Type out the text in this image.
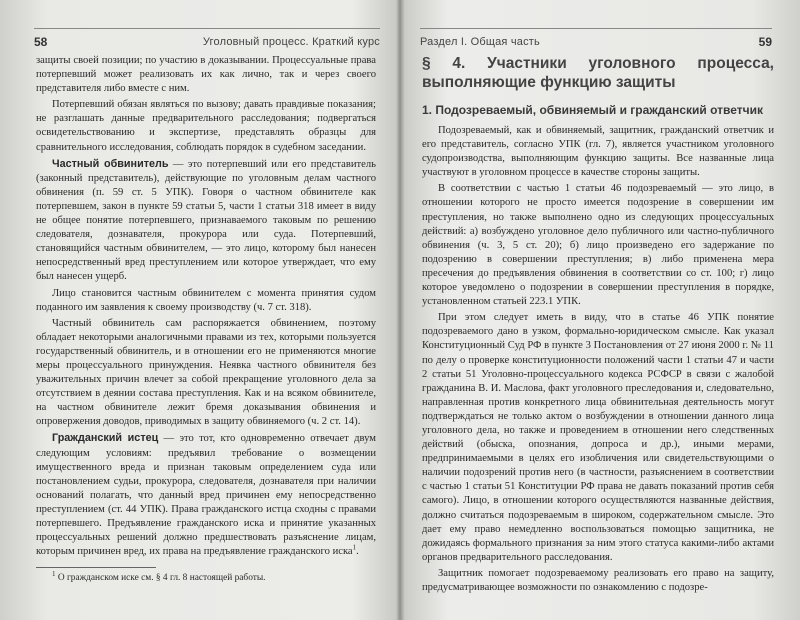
58	Уголовный процесс. Краткий курс

защиты своей позиции; по участию в доказывании. Процессуальные права потерпевший может реализовать их как лично, так и через своего представителя либо вместе с ним.

Потерпевший обязан являться по вызову; давать правдивые показания; не разглашать данные предварительного расследования; подвергаться освидетельствованию и экспертизе, представлять образцы для сравнительного исследования, соблюдать порядок в судебном заседании.

Частный обвинитель — это потерпевший или его представитель (законный представитель), действующие по уголовным делам частного обвинения (п. 59 ст. 5 УПК). Говоря о частном обвинителе как потерпевшем, закон в пункте 59 статьи 5, части 1 статьи 318 имеет в виду не общее понятие потерпевшего, признаваемого таковым по решению следователя, дознавателя, прокурора или суда. Потерпевший, становящийся частным обвинителем, — это лицо, которому был нанесен непосредственный вред преступлением или которое утверждает, что ему был нанесен ущерб.

Лицо становится частным обвинителем с момента принятия судом поданного им заявления к своему производству (ч. 7 ст. 318).

Частный обвинитель сам распоряжается обвинением, поэтому обладает некоторыми аналогичными правами из тех, которыми пользуется государственный обвинитель, и в отношении его не применяются многие меры процессуального принуждения. Неявка частного обвинителя без уважительных причин влечет за собой прекращение уголовного дела за отсутствием в деянии состава преступления. Как и на всяком обвинителе, на частном обвинителе лежит бремя доказывания обвинения и опровержения доводов, приводимых в защиту обвиняемого (ч. 2 ст. 14).

Гражданский истец — это тот, кто одновременно отвечает двум следующим условиям: предъявил требование о возмещении имущественного вреда и признан таковым определением суда или постановлением судьи, прокурора, следователя, дознавателя при наличии оснований полагать, что данный вред причинен ему непосредственно преступлением (ст. 44 УПК). Права гражданского истца сходны с правами потерпевшего. Предъявление гражданского иска и принятие указанных процессуальных решений должно предшествовать разъяснение лицам, которым причинен вред, их права на предъявление гражданского иска$^1$.

$^1$ О гражданском иске см. § 4 гл. 8 настоящей работы.

Раздел I. Общая часть	59
§ 4. Участники уголовного процесса, выполняющие функцию защиты
1. Подозреваемый, обвиняемый и гражданский ответчик

Подозреваемый, как и обвиняемый, защитник, гражданский ответчик и его представитель, согласно УПК (гл. 7), является участником уголовного судопроизводства, выполняющим функцию защиты. Все названные лица участвуют в уголовном процессе в качестве стороны защиты.

В соответствии с частью 1 статьи 46 подозреваемый — это лицо, в отношении которого не просто имеется подозрение в совершении им преступления, но также выполнено одно из следующих процессуальных действий: а) возбуждено уголовное дело публичного или частно-публичного обвинения (ч. 3, 5 ст. 20); б) лицо произведено его задержание по подозрению в совершении преступления; в) либо применена мера пресечения до предъявления обвинения в соответствии со ст. 100; г) лицо которое уведомлено о подозрении в совершении преступления в порядке, установленном статьей 223.1 УПК.

При этом следует иметь в виду, что в статье 46 УПК понятие подозреваемого дано в узком, формально-юридическом смысле. Как указал Конституционный Суд РФ в пункте 3 Постановления от 27 июня 2000 г. № 11 по делу о проверке конституционности положений части 1 статьи 47 и части 2 статьи 51 Уголовно-процессуального кодекса РСФСР в связи с жалобой гражданина В. И. Маслова, факт уголовного преследования и, следовательно, направленная против конкретного лица обвинительная деятельность могут подтверждаться не только актом о возбуждении в отношении данного лица уголовного дела, но также и проведением в отношении него следственных действий (обыска, опознания, допроса и др.), иными мерами, предпринимаемыми в целях его изобличения или свидетельствующими о наличии подозрений против него (в частности, разъяснением в соответствии с частью 1 статьи 51 Конституции РФ права не давать показаний против себя самого). Лицо, в отношении которого осуществляются названные действия, должно считаться подозреваемым в широком, содержательном смысле. Это дает ему право немедленно воспользоваться помощью защитника, не дожидаясь формального признания за ним этого статуса какими-либо актами органов предварительного расследования.

Защитник помогает подозреваемому реализовать его право на защиту, предусматривающее возможности по ознакомлению с подозре-
